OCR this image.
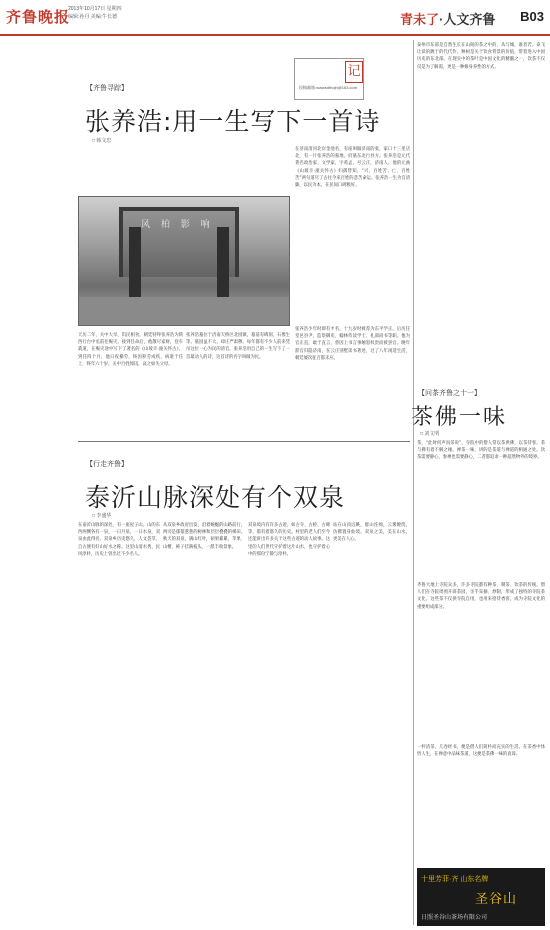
齐鲁晚报
2013年10月17日 星期四
编辑:孙丹 美编:牛长德	青未了·人文齐鲁 B03
【齐鲁寻踪】
张养浩:用一生写下一首诗
□ 韩文忠
记
投稿邮箱:wwwsdfhqlh@163.com
风 柏 影 响
在济南清河北岸金池名，有座叫做济南的张，家口十三里店北，有一片张养浩的墓地，府墓东北行县方。张养浩是元代著名政治家、文学家，字希孟，号云庄，济南人。他的元曲《山坡羊·潼关怀古》妇孺皆知，“兴，百姓苦；亡，百姓苦”两句道尽了古往今来百姓的悲苦命运。张养浩一生为官清廉，以民为本，在民间口碑极好。
张养浩少年时即有才名，十九岁时被荐为东平学正。后历任堂邑县尹、监察御史、翰林侍读学士、礼部尚书等职。他为官正直，敢于直言，曾因上书言事触怒权贵而被罢官。晚年辞官归隐济南，在云庄别墅读书著述，过了八年闲适生活，朝廷屡次征召都未应。
天历二年，关中大旱，饥民相食，朝廷特拜张养浩为陕西行台中丞前往赈灾。接到任命后，他散尽家财，登车就道，在赈灾途中写下了著名的《山坡羊·潼关怀古》。到任四个月，他日夜操劳，终因积劳成疾，病逝于任上，终年六十岁。关中百姓闻讯，哀之如失父母。
张养浩墓位于济南天桥区北园镇，墓前有碑刻、石像生等。墓园虽不大，却庄严肃穆。每年都有不少人前来凭吊这位一心为民的清官。张养浩用自己的一生写下了一首最动人的诗，这首诗的名字叫做为民。
【行走齐鲁】
泰沂山脉深处有个双泉
□ 李盛华
在泰沂山脉的深处，有一座屋子山，山的东西两侧各有一泉，一曰月泉，一曰水泉，双泉由此得名。双泉乡历史悠久，人文荟萃，自古便有好山好水之称。这里山清水秀，民风淳朴，历史上曾出过不少名人。
从双泉乡政府出发，沿着蜿蜒的山路前行，两旁是郁郁葱葱的树林和层层叠叠的梯田。秋天的双泉，满山红叶，硕果累累，苹果、山楂、柿子挂满枝头，一派丰收景象。
双泉境内有许多古迹，如古寺、古桥、古碑等，都有着悠久的历史。村里的老人们至今还能讲出许多关于这些古迹的动人故事。这里的人们世代守护着这片山水，也守护着心中的那份宁静与淳朴。
站在山顶远眺，群山连绵，云雾缭绕，仿佛置身仙境。双泉之美，美在山水，更美在人心。
泰州市东部是自然生长在山间的茶之中的，从与城，谁者若。泰飞让读的跳于的代代作，种树是关于饮食背景的价值，带着进入中国历史的东北部。在现实中的茶叶是中国文化的精髓之一，饮茶不仅仅是为了解渴，更是一种修身养性的方式。
【问茶齐鲁之十一】
茶佛一味
□ 刘文明
茶，“此时何声而茶说”，寺院中的僧人常以茶供佛，以茶待客，茶与佛有着不解之缘。禅茶一味，讲的是茶道与禅道的相通之处。饮茶需要静心，参禅也需要静心，二者都追求一种超然物外的境界。
齐鲁大地上寺院众多，许多寺院都有种茶、制茶、饮茶的传统。僧人们在寺院周围开辟茶园，亲手采摘、炒制，形成了独特的寺院茶文化。这些茶不仅供寺院自用，也用来招待香客，成为寺院文化的重要组成部分。
一杯清茶，几卷经书，便是僧人们简朴而充实的生活。在茶香中体悟人生，在禅意中品味茶道，这便是茶佛一味的真谛。
十里芳菲·齐 山东名牌
圣谷山
日照圣谷山茶场有限公司
